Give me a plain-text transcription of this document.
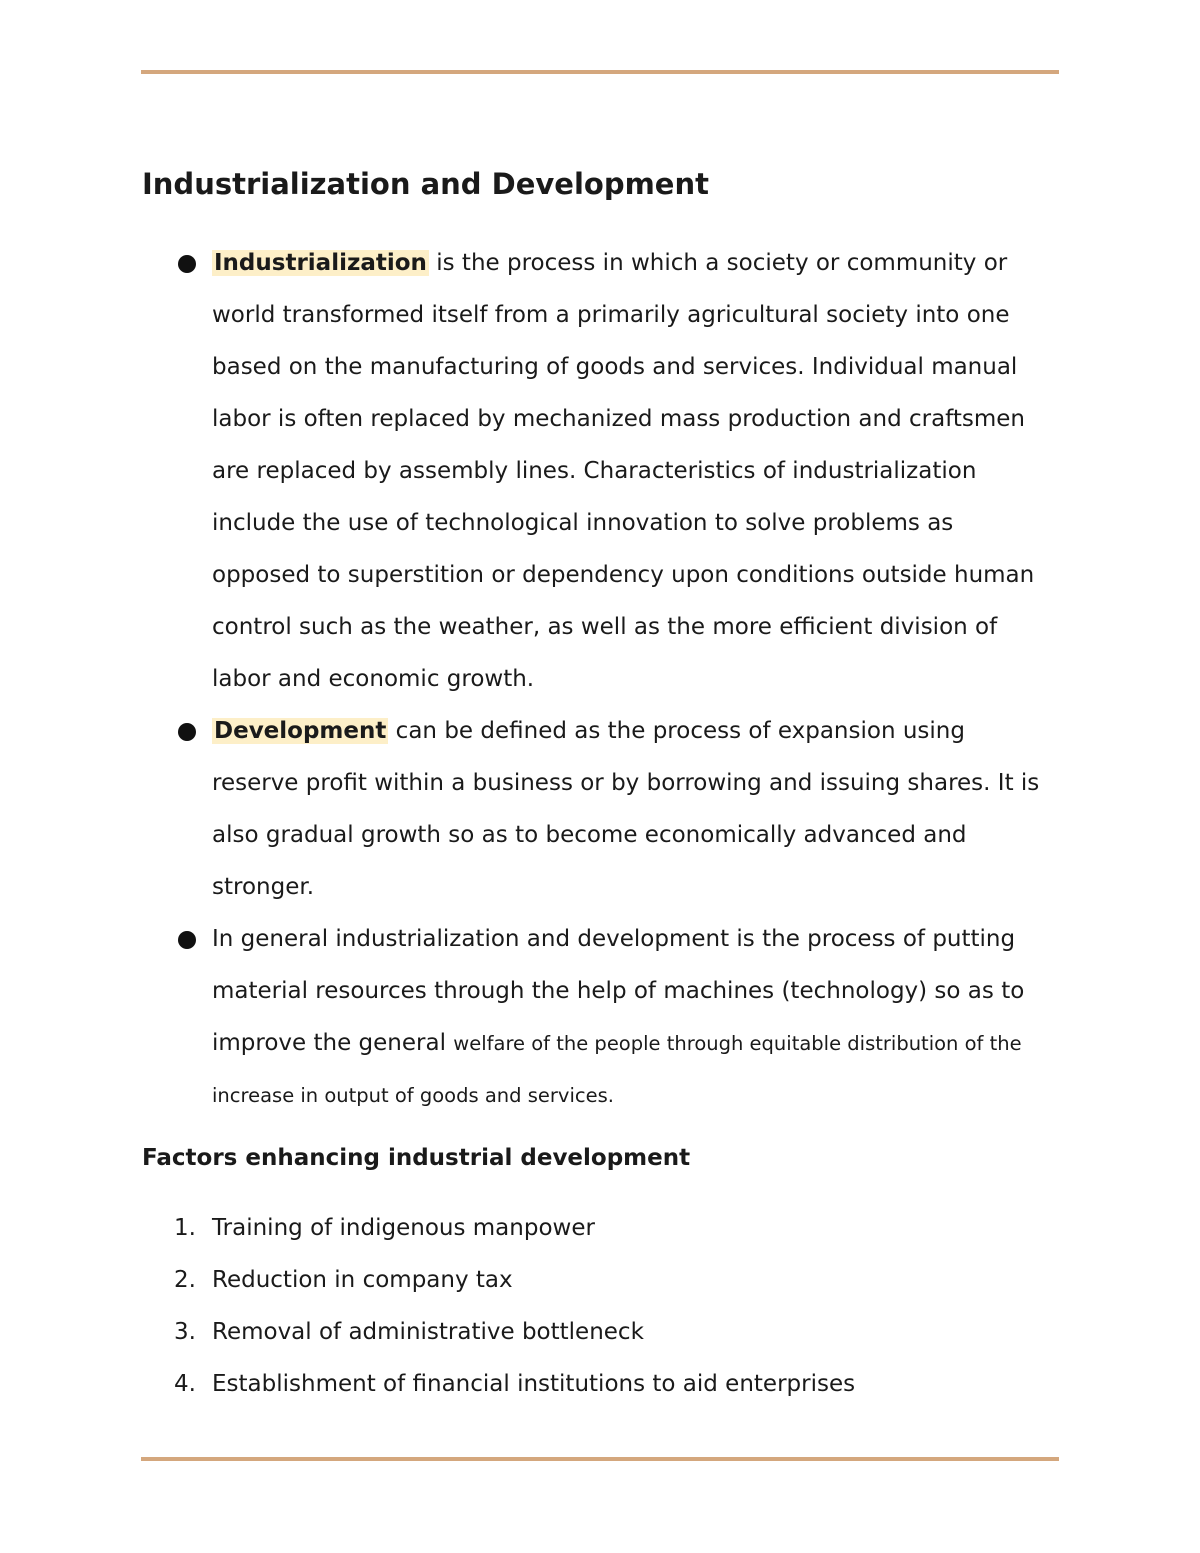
Industrialization and Development
Industrialization is the process in which a society or community or world transformed itself from a primarily agricultural society into one based on the manufacturing of goods and services. Individual manual labor is often replaced by mechanized mass production and craftsmen are replaced by assembly lines. Characteristics of industrialization include the use of technological innovation to solve problems as opposed to superstition or dependency upon conditions outside human control such as the weather, as well as the more efficient division of labor and economic growth.
Development can be defined as the process of expansion using reserve profit within a business or by borrowing and issuing shares. It is also gradual growth so as to become economically advanced and stronger.
In general industrialization and development is the process of putting material resources through the help of machines (technology) so as to improve the general welfare of the people through equitable distribution of the
increase in output of goods and services.
Factors enhancing industrial development
1. Training of indigenous manpower
2. Reduction in company tax
3. Removal of administrative bottleneck
4. Establishment of financial institutions to aid enterprises
